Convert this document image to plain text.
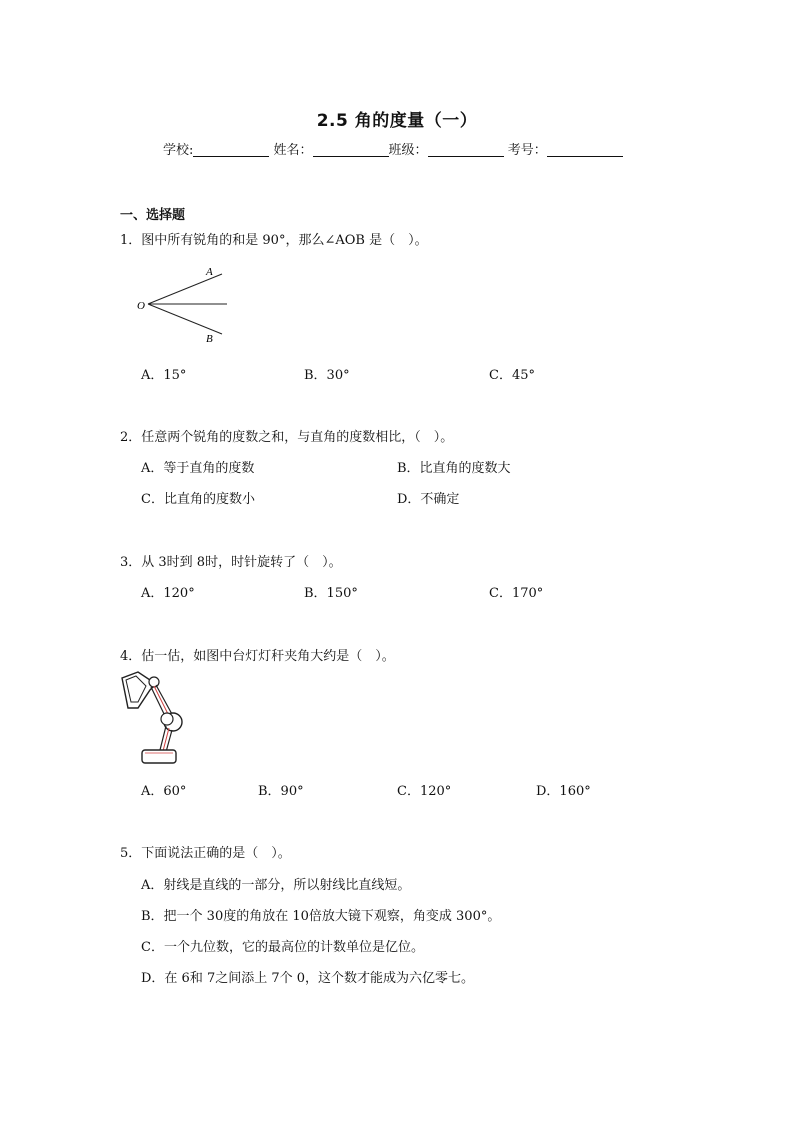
2.5 角的度量（一）
学校:	姓名：	班级：	考号：
一、选择题
1．图中所有锐角的和是 90°，那么∠AOB 是（　）。
A
O
B
A．15°	B．30°	C．45°
2．任意两个锐角的度数之和，与直角的度数相比，（　）。
A．等于直角的度数	B．比直角的度数大
C．比直角的度数小	D．不确定
3．从 3时到 8时，时针旋转了（　）。
A．120°	B．150°	C．170°
4．估一估，如图中台灯灯秆夹角大约是（　）。
A．60°	B．90°	C．120°	D．160°
5．下面说法正确的是（　）。
A．射线是直线的一部分，所以射线比直线短。
B．把一个 30度的角放在 10倍放大镜下观察，角变成 300°。
C．一个九位数，它的最高位的计数单位是亿位。
D．在 6和 7之间添上 7个 0，这个数才能成为六亿零七。
